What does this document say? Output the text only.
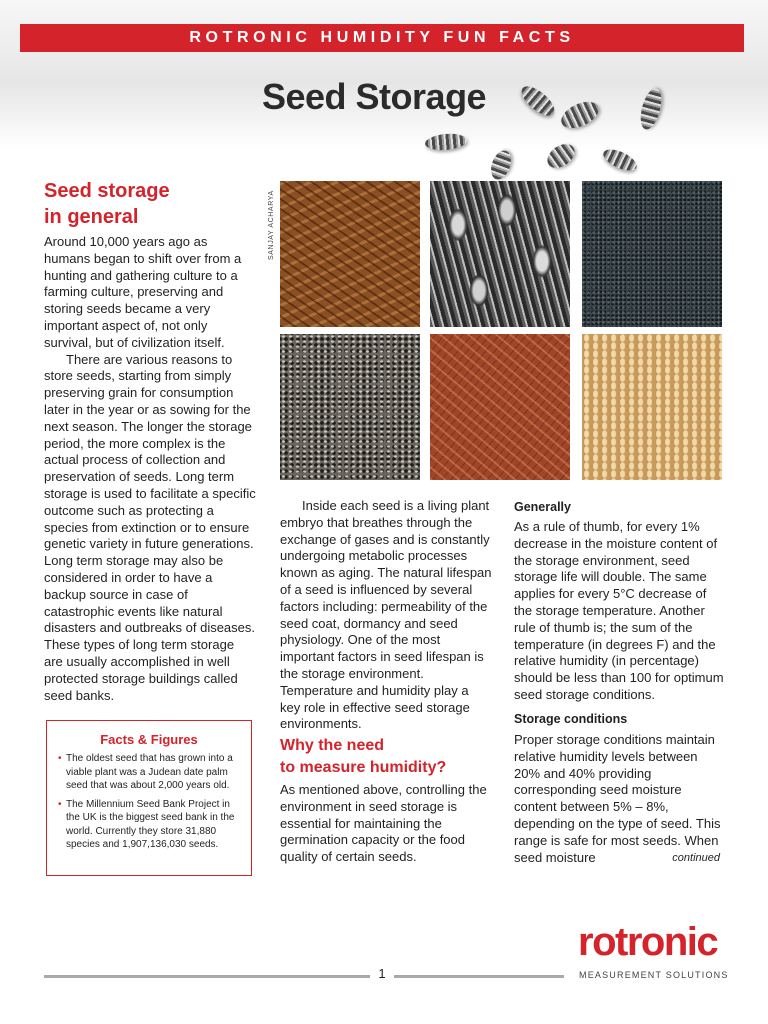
ROTRONIC HUMIDITY FUN FACTS
Seed Storage
Seed storage
in general

Around 10,000 years ago as humans began to shift over from a hunting and gathering culture to a farming culture, preserving and storing seeds became a very important aspect of, not only survival, but of civilization itself.

There are various reasons to store seeds, starting from simply preserving grain for consumption later in the year or as sowing for the next season. The longer the storage period, the more complex is the actual process of collection and preservation of seeds. Long term storage is used to facilitate a specific outcome such as protecting a species from extinction or to ensure genetic variety in future generations. Long term storage may also be considered in order to have a backup source in case of catastrophic events like natural disasters and outbreaks of diseases. These types of long term storage are usually accomplished in well protected storage buildings called seed banks.

Facts & Figures
• The oldest seed that has grown into a viable plant was a Judean date palm seed that was about 2,000 years old.
• The Millennium Seed Bank Project in the UK is the biggest seed bank in the world. Currently they store 31,880 species and 1,907,136,030 seeds.
SANJAY ACHARYA

Inside each seed is a living plant embryo that breathes through the exchange of gases and is constantly undergoing metabolic processes known as aging. The natural lifespan of a seed is influenced by several factors including: permeability of the seed coat, dormancy and seed physiology. One of the most important factors in seed lifespan is the storage environment. Temperature and humidity play a key role in effective seed storage environments.

Why the need
to measure humidity?

As mentioned above, controlling the environment in seed storage is essential for maintaining the germination capacity or the food quality of certain seeds.

Generally

As a rule of thumb, for every 1% decrease in the moisture content of the storage environment, seed storage life will double. The same applies for every 5°C decrease of the storage temperature. Another rule of thumb is; the sum of the temperature (in degrees F) and the relative humidity (in percentage) should be less than 100 for optimum seed storage conditions.

Storage conditions

Proper storage conditions maintain relative humidity levels between 20% and 40% providing corresponding seed moisture content between 5% – 8%, depending on the type of seed. This range is safe for most seeds. When seed moisture	continued
rotronic
MEASUREMENT SOLUTIONS
1
